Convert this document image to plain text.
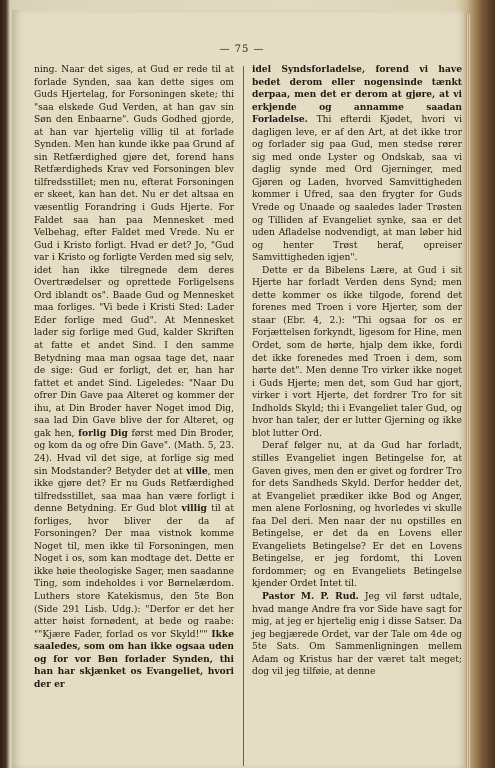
— 75 —

ning. Naar det siges, at Gud er rede til at forlade Synden, saa kan dette siges om Guds Hjertelag, for Forsoningen skete; thi "saa elskede Gud Verden, at han gav sin Søn den Enbaarne". Guds Godhed gjorde, at han var hjertelig villig til at forlade Synden. Men han kunde ikke paa Grund af sin Retfærdighed gjøre det, forend hans Retfærdigheds Krav ved Forsoningen blev tilfredsstillet; men nu, efterat Forsoningen er skeet, kan han det. Nu er det altsaa en væsentlig Forandring i Guds Hjerte. For Faldet saa han paa Mennesket med Velbehag, efter Faldet med Vrede. Nu er Gud i Kristo forligt. Hvad er det? Jo, "Gud var i Kristo og forligte Verden med sig selv, idet han ikke tilregnede dem deres Overtrædelser og oprettede Forligelsens Ord iblandt os". Baade Gud og Mennesket maa forliges. "Vi bede i Kristi Sted: Lader Eder forlige med Gud". At Mennesket lader sig forlige med Gud, kalder Skriften at fatte et andet Sind. I den samme Betydning maa man ogsaa tage det, naar de sige: Gud er forligt, det er, han har fattet et andet Sind. Ligeledes: "Naar Du ofrer Din Gave paa Alteret og kommer der ihu, at Din Broder haver Noget imod Dig, saa lad Din Gave blive der for Alteret, og gak hen, forlig Dig først med Din Broder, og kom da og ofre Din Gave". (Math. 5, 23. 24). Hvad vil det sige, at forlige sig med sin Modstander? Betyder det at ville, men ikke gjøre det? Er nu Guds Retfærdighed tilfredsstillet, saa maa han være forligt i denne Betydning. Er Gud blot villig til at forliges, hvor bliver der da af Forsoningen? Der maa vistnok komme Noget til, men ikke til Forsoningen, men Noget i os, som kan modtage det. Dette er ikke høie theologiske Sager, men saadanne Ting, som indeholdes i vor Børnelærdom. Luthers store Katekismus, den 5te Bon (Side 291 Lisb. Udg.): "Derfor er det her atter høist fornødent, at bede og raabe: ""Kjære Fader, forlad os vor Skyld!"" Ikke saaledes, som om han ikke ogsaa uden og for vor Bøn forlader Synden, thi han har skjænket os Evangeliet, hvori der er

idel Syndsforladelse, forend vi have bedet derom eller nogensinde tænkt derpaa, men det er derom at gjøre, at vi erkjende og annamme saadan Forladelse. Thi efterdi Kjødet, hvori vi dagligen leve, er af den Art, at det ikke tror og forlader sig paa Gud, men stedse rører sig med onde Lyster og Ondskab, saa vi daglig synde med Ord Gjerninger, med Gjøren og Laden, hvorved Samvittigheden kommer i Ufred, saa den frygter for Guds Vrede og Unaade og saaledes lader Trøsten og Tilliden af Evangeliet synke, saa er det uden Afladelse nodvendigt, at man løber hid og henter Trøst heraf, opreiser Samvittigheden igjen".

Dette er da Bibelens Lære, at Gud i sit Hjerte har forladt Verden dens Synd; men dette kommer os ikke tilgode, forend det forenes med Troen i vore Hjerter, som der staar (Ebr. 4, 2.): "Thi ogsaa for os er Forjættelsen forkyndt, ligesom for Hine, men Ordet, som de hørte, hjalp dem ikke, fordi det ikke forenedes med Troen i dem, som hørte det". Men denne Tro virker ikke noget i Guds Hjerte; men det, som Gud har gjort, virker i vort Hjerte, det fordrer Tro for sit Indholds Skyld; thi i Evangeliet taler Gud, og hvor han taler, der er lutter Gjerning og ikke blot lutter Ord.

Deraf følger nu, at da Gud har forladt, stilles Evangeliet ingen Betingelse for, at Gaven gives, men den er givet og fordrer Tro for dets Sandheds Skyld. Derfor hedder det, at Evangeliet prædiker ikke Bod og Anger, men alene Forlosning, og hvorledes vi skulle faa Del deri. Men naar der nu opstilles en Betingelse, er det da en Lovens eller Evangeliets Betingelse? Er det en Lovens Betingelse, er jeg fordomt, thi Loven fordommer; og en Evangeliets Betingelse kjender Ordet Intet til.

Pastor M. P. Rud. Jeg vil først udtale, hvad mange Andre fra vor Side have sagt for mig, at jeg er hjertelig enig i disse Satser. Da jeg begjærede Ordet, var der Tale om 4de og 5te Sats. Om Sammenligningen mellem Adam og Kristus har der været talt meget; dog vil jeg tilføie, at denne
